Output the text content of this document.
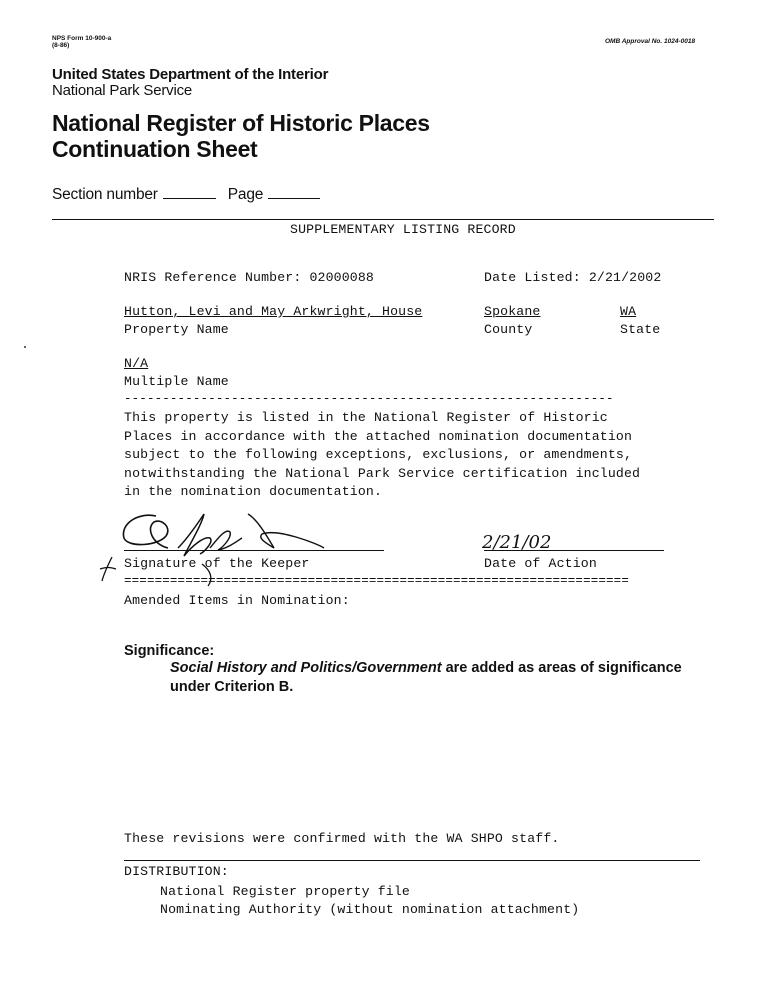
NPS Form 10-900-a
(8-86)
OMB Approval No. 1024-0018
United States Department of the Interior
National Park Service
National Register of Historic Places
Continuation Sheet
Section number	Page
SUPPLEMENTARY LISTING RECORD
NRIS Reference Number: 02000088	Date Listed: 2/21/2002
Hutton, Levi and May Arkwright, House	Spokane	WA
Property Name	County	State
N/A
Multiple Name
----------------------------------------------------------------
This property is listed in the National Register of Historic
Places in accordance with the attached nomination documentation
subject to the following exceptions, exclusions, or amendments,
notwithstanding the National Park Service certification included
in the nomination documentation.
2/21/02
Signature of the Keeper	Date of Action
==================================================================
Amended Items in Nomination:
Significance:
Social History and Politics/Government are added as areas of significance
under Criterion B.
These revisions were confirmed with the WA SHPO staff.
DISTRIBUTION:
National Register property file
Nominating Authority (without nomination attachment)
